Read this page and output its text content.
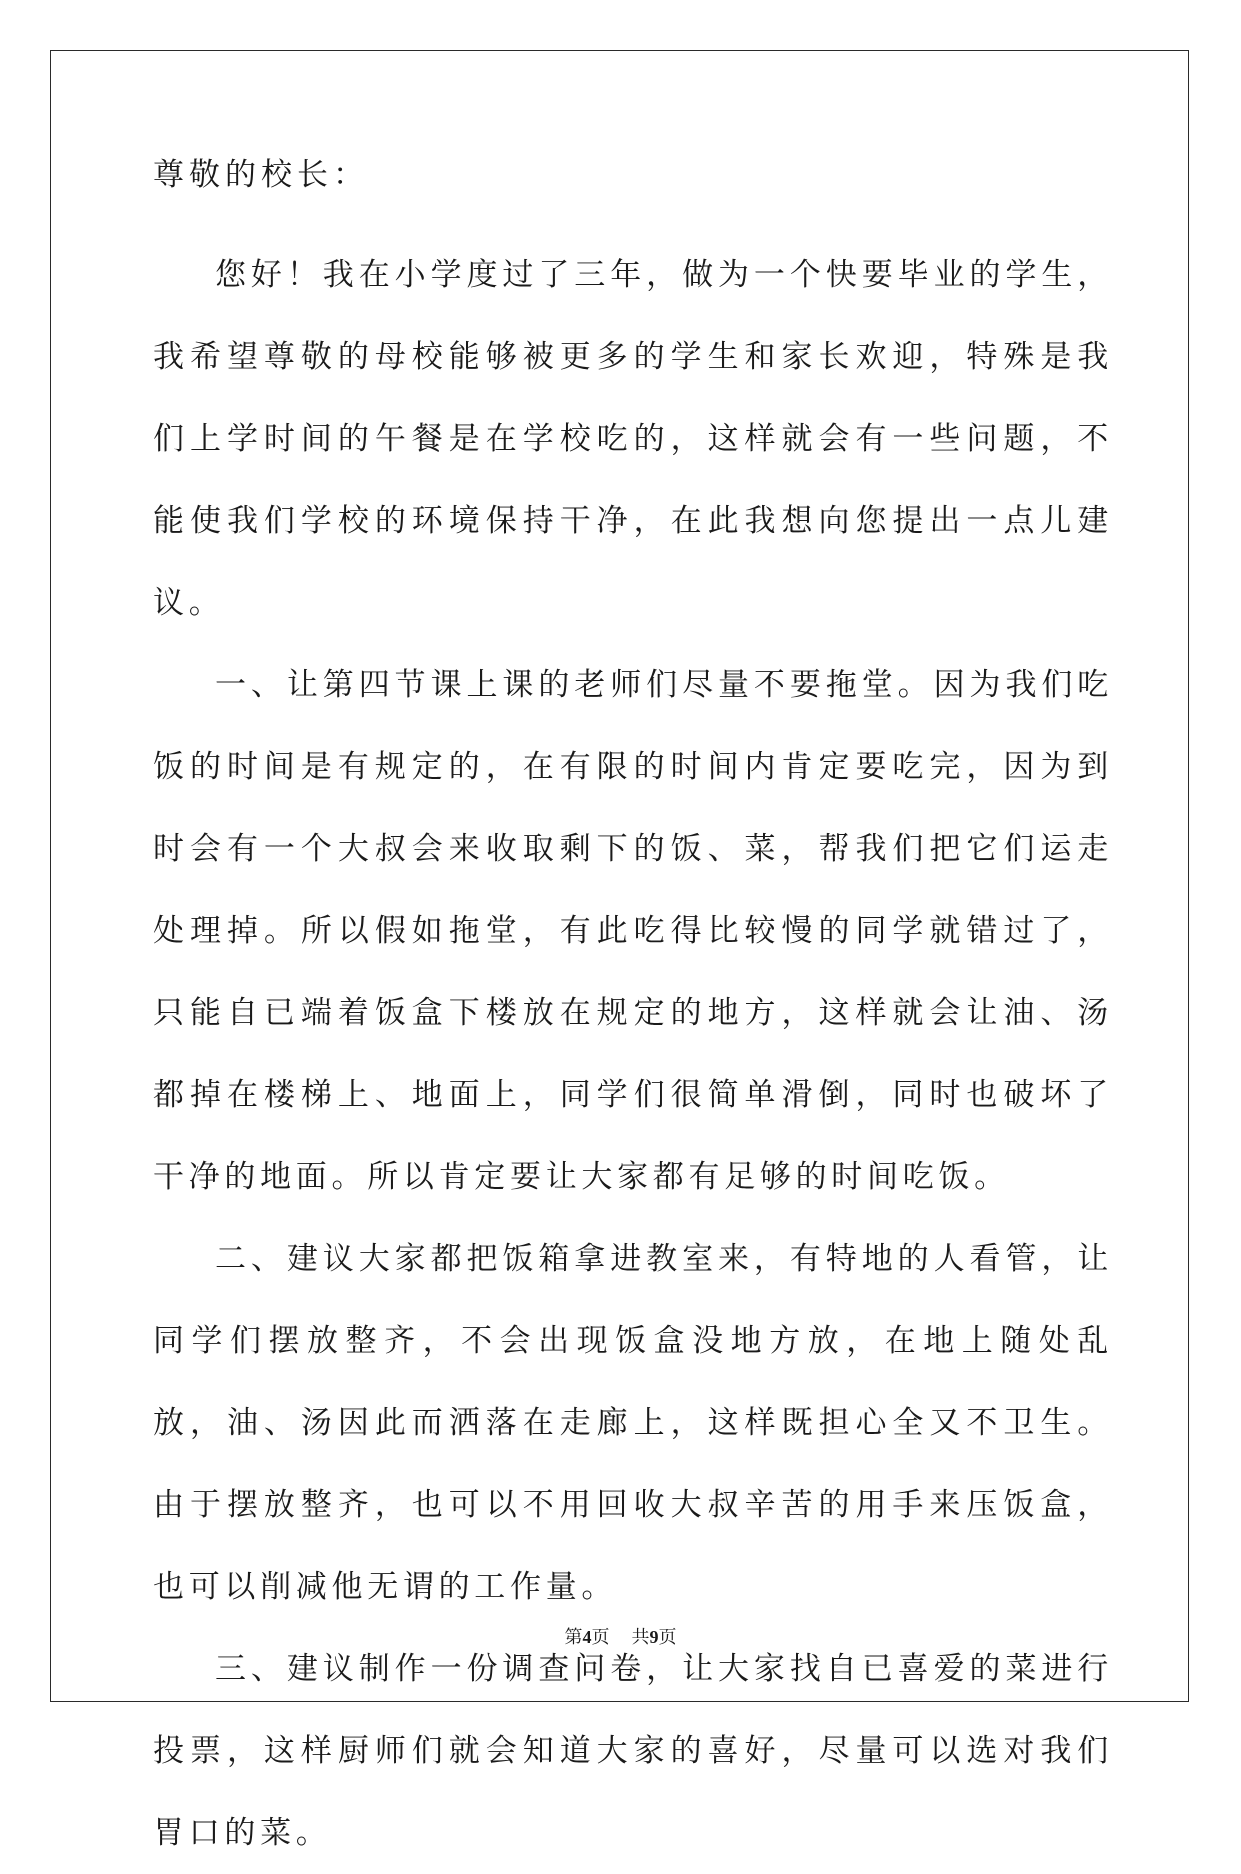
尊敬的校长：

您好！我在小学度过了三年，做为一个快要毕业的学生，我希望尊敬的母校能够被更多的学生和家长欢迎，特殊是我们上学时间的午餐是在学校吃的，这样就会有一些问题，不能使我们学校的环境保持干净，在此我想向您提出一点儿建议。

一、让第四节课上课的老师们尽量不要拖堂。因为我们吃饭的时间是有规定的，在有限的时间内肯定要吃完，因为到时会有一个大叔会来收取剩下的饭、菜，帮我们把它们运走处理掉。所以假如拖堂，有此吃得比较慢的同学就错过了，只能自已端着饭盒下楼放在规定的地方，这样就会让油、汤都掉在楼梯上、地面上，同学们很简单滑倒，同时也破坏了干净的地面。所以肯定要让大家都有足够的时间吃饭。

二、建议大家都把饭箱拿进教室来，有特地的人看管，让同学们摆放整齐，不会出现饭盒没地方放，在地上随处乱放，油、汤因此而洒落在走廊上，这样既担心全又不卫生。由于摆放整齐，也可以不用回收大叔辛苦的用手来压饭盒，也可以削减他无谓的工作量。

三、建议制作一份调查问卷，让大家找自已喜爱的菜进行投票，这样厨师们就会知道大家的喜好，尽量可以选对我们胃口的菜。

第4页 共9页
